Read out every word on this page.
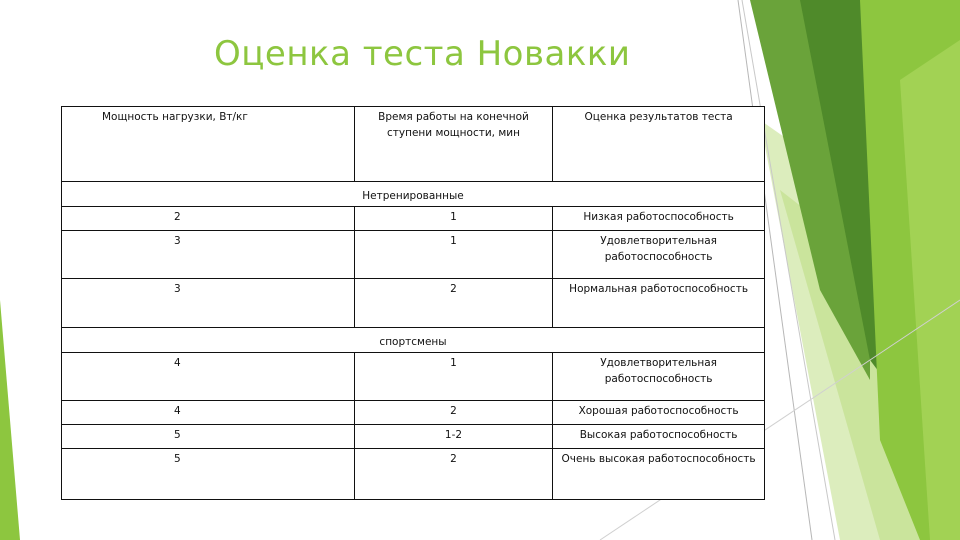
Оценка теста Новакки
Мощность нагрузки, Вт/кг	Время работы на конечной ступени мощности, мин	Оценка результатов теста
Нетренированные		
2	1	Низкая работоспособность
3	1	Удовлетворительная работоспособность
3	2	Нормальная работоспособность
спортсмены		
4	1	Удовлетворительная работоспособность
4	2	Хорошая работоспособность
5	1-2	Высокая работоспособность
5	2	Очень высокая работоспособность
